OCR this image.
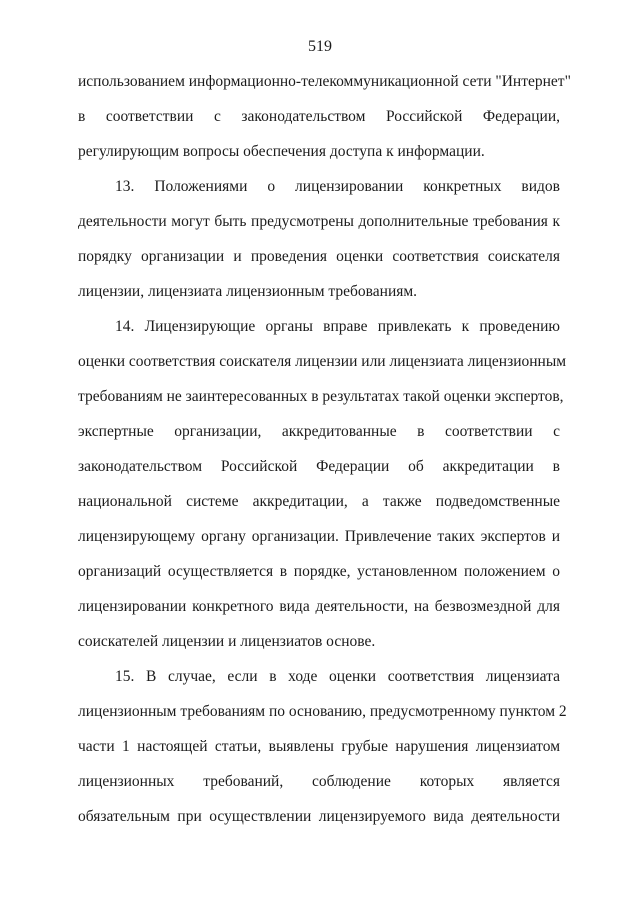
519
использованием информационно-телекоммуникационной сети "Интернет"
в соответствии с законодательством Российской Федерации,
регулирующим вопросы обеспечения доступа к информации.
13. Положениями о лицензировании конкретных видов
деятельности могут быть предусмотрены дополнительные требования к
порядку организации и проведения оценки соответствия соискателя
лицензии, лицензиата лицензионным требованиям.
14. Лицензирующие органы вправе привлекать к проведению
оценки соответствия соискателя лицензии или лицензиата лицензионным
требованиям не заинтересованных в результатах такой оценки экспертов,
экспертные организации, аккредитованные в соответствии с
законодательством Российской Федерации об аккредитации в
национальной системе аккредитации, а также подведомственные
лицензирующему органу организации. Привлечение таких экспертов и
организаций осуществляется в порядке, установленном положением о
лицензировании конкретного вида деятельности, на безвозмездной для
соискателей лицензии и лицензиатов основе.
15. В случае, если в ходе оценки соответствия лицензиата
лицензионным требованиям по основанию, предусмотренному пунктом 2
части 1 настоящей статьи, выявлены грубые нарушения лицензиатом
лицензионных требований, соблюдение которых является
обязательным при осуществлении лицензируемого вида деятельности
